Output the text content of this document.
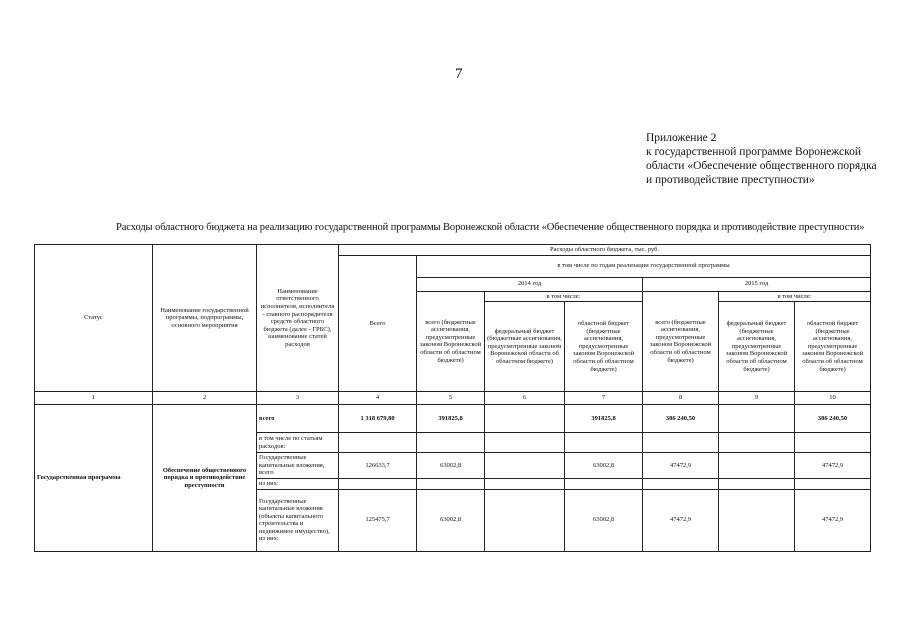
7
Приложение 2
к государственной программе Воронежской
области «Обеспечение общественного порядка
и противодействие преступности»
Расходы областного бюджета на реализацию государственной программы Воронежской области «Обеспечение общественного порядка и противодействие преступности»
Статус	Наименование государственной программы, подпрограммы, основного мероприятия	Наименование ответственного исполнителя, исполнителя - главного распорядителя средств областного бюджета (далее - ГРБС), наименование статей расходов	Расходы областного бюджета, тыс. руб.						
			Всего	в том числе по годам реализации государственной программы					
				2014 год			2015 год		
				всего (бюджетные ассигнования, предусмотренные законом Воронежской области об областном бюджете)	в том числе:		всего (бюджетные ассигнования, предусмотренные законом Воронежской области об областном бюджете)	в том числе:	
					федеральный бюджет (бюджетные ассигнования, предусмотренные законом Воронежской области об областном бюджете)	областной бюджет (бюджетные ассигнования, предусмотренные законом Воронежской области об областном бюджете)		федеральный бюджет (бюджетные ассигнования, предусмотренные законом Воронежской области об областном бюджете)	областной бюджет (бюджетные ассигнования, предусмотренные законом Воронежской области об областном бюджете)
1	2	3	4	5	6	7	8	9	10
Государственная программа	Обеспечение общественного порядка и противодействие преступности	всего	1 318 679,80	391825,8		391825,8	386 240,50		386 240,50
		в том числе по статьям расходов:							
		Государственные капитальные вложения, всего	126633,7	63002,8		63002,8	47472,9		47472,9
		из них:							
		Государственные капитальные вложения (объекты капитального строительства и недвижимое имущество), из них:	125475,7	63002,8		63002,8	47472,9		47472,9
